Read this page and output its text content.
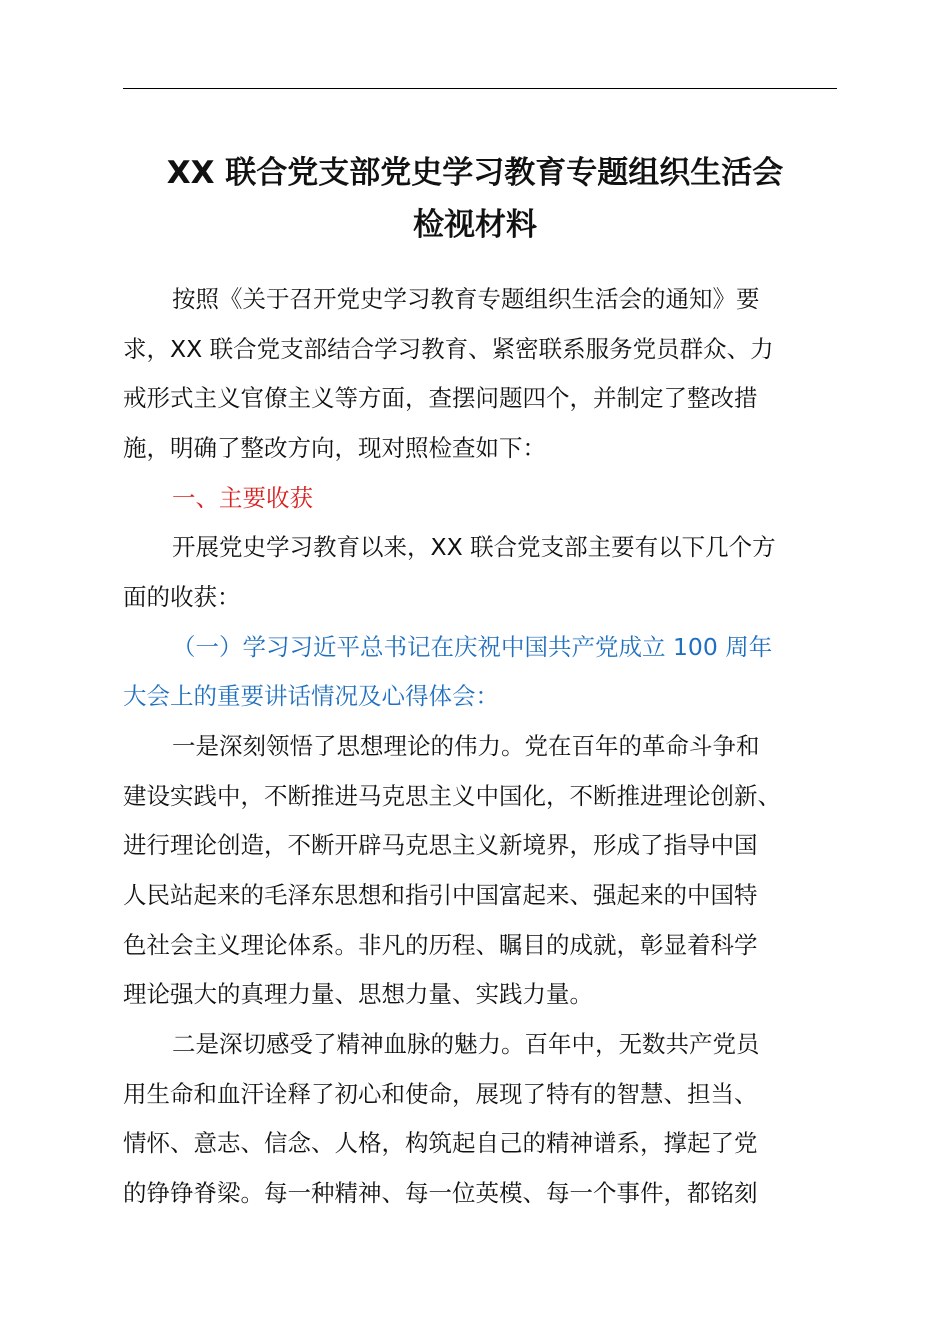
XX 联合党支部党史学习教育专题组织生活会
检视材料
按照《关于召开党史学习教育专题组织生活会的通知》要
求，XX 联合党支部结合学习教育、紧密联系服务党员群众、力
戒形式主义官僚主义等方面，查摆问题四个，并制定了整改措
施，明确了整改方向，现对照检查如下：
一、主要收获
开展党史学习教育以来，XX 联合党支部主要有以下几个方
面的收获：
（一）学习习近平总书记在庆祝中国共产党成立 100 周年
大会上的重要讲话情况及心得体会：
一是深刻领悟了思想理论的伟力。党在百年的革命斗争和
建设实践中，不断推进马克思主义中国化，不断推进理论创新、
进行理论创造，不断开辟马克思主义新境界，形成了指导中国
人民站起来的毛泽东思想和指引中国富起来、强起来的中国特
色社会主义理论体系。非凡的历程、瞩目的成就，彰显着科学
理论强大的真理力量、思想力量、实践力量。
二是深切感受了精神血脉的魅力。百年中，无数共产党员
用生命和血汗诠释了初心和使命，展现了特有的智慧、担当、
情怀、意志、信念、人格，构筑起自己的精神谱系，撑起了党
的铮铮脊梁。每一种精神、每一位英模、每一个事件，都铭刻
